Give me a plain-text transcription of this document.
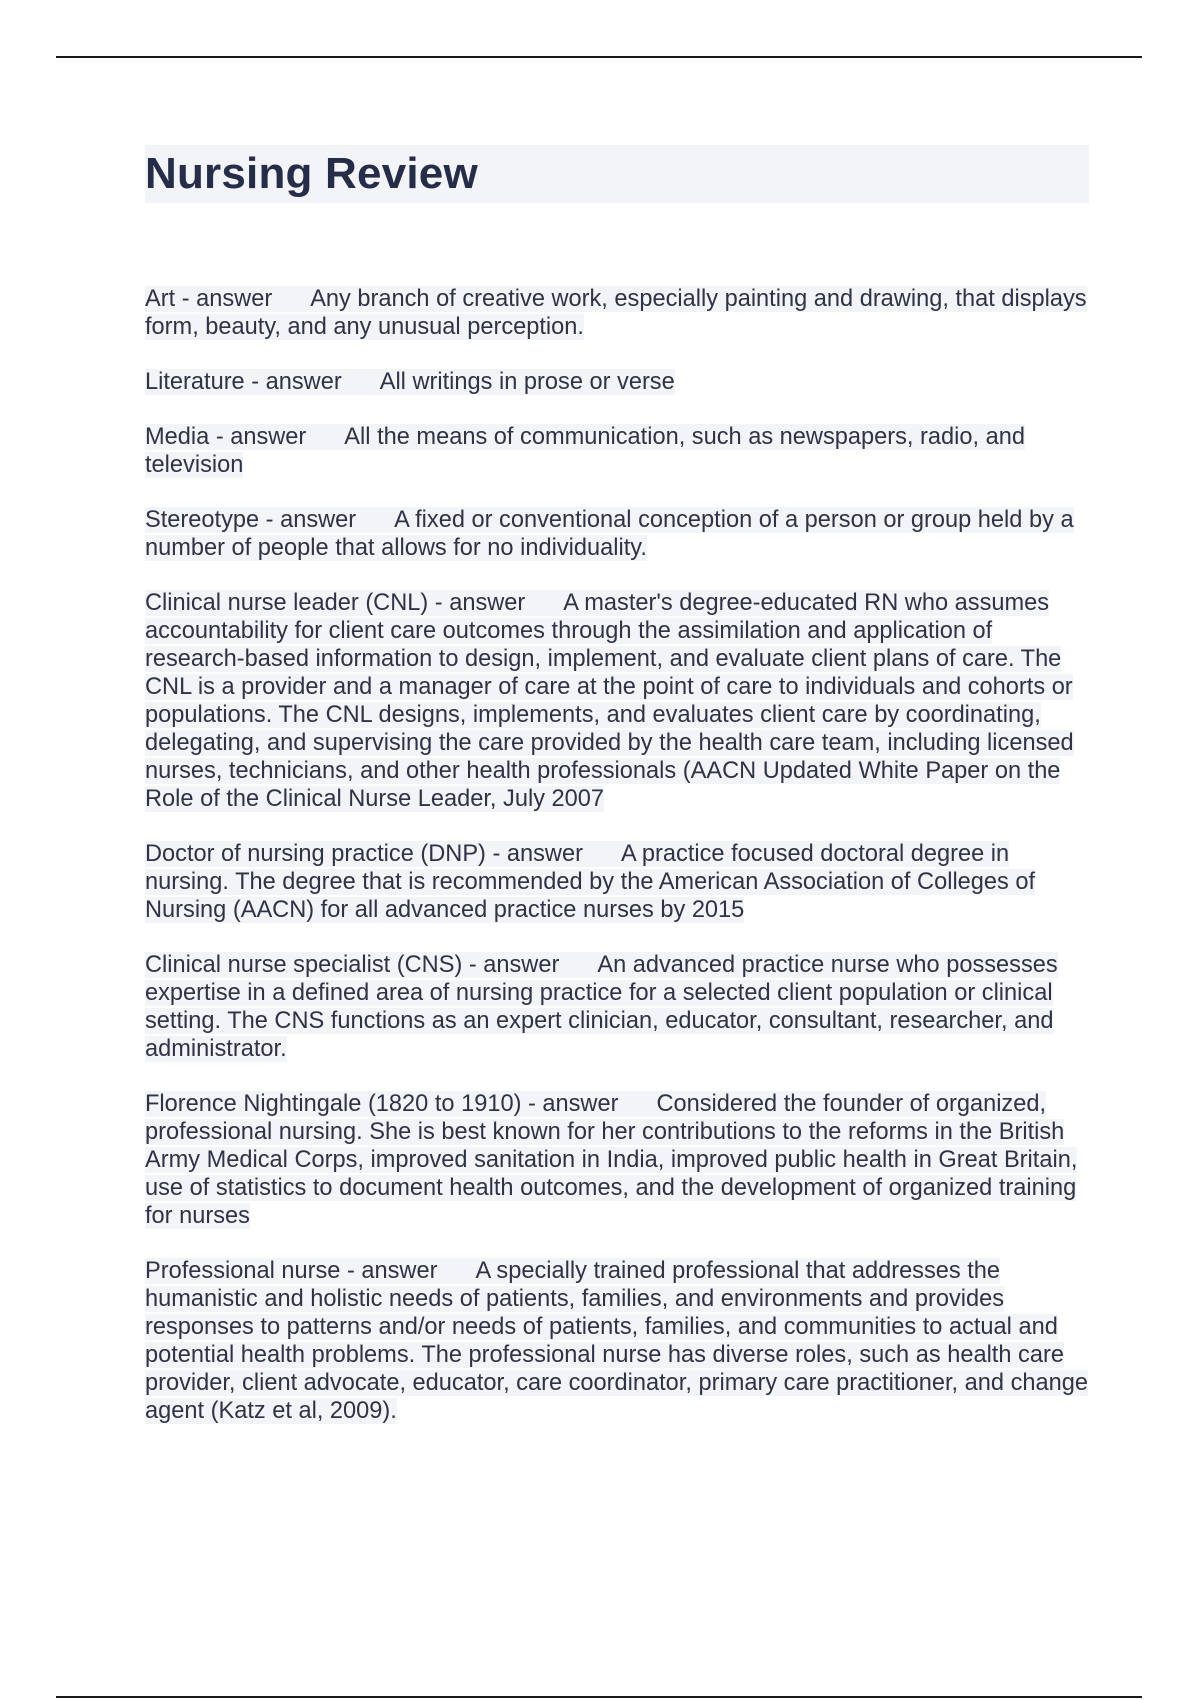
Nursing Review

Art - answer Any branch of creative work, especially painting and drawing, that displays form, beauty, and any unusual perception.

Literature - answer All writings in prose or verse

Media - answer All the means of communication, such as newspapers, radio, and television

Stereotype - answer A fixed or conventional conception of a person or group held by a number of people that allows for no individuality.

Clinical nurse leader (CNL) - answer A master's degree-educated RN who assumes accountability for client care outcomes through the assimilation and application of research-based information to design, implement, and evaluate client plans of care. The CNL is a provider and a manager of care at the point of care to individuals and cohorts or populations. The CNL designs, implements, and evaluates client care by coordinating, delegating, and supervising the care provided by the health care team, including licensed nurses, technicians, and other health professionals (AACN Updated White Paper on the Role of the Clinical Nurse Leader, July 2007

Doctor of nursing practice (DNP) - answer A practice focused doctoral degree in nursing. The degree that is recommended by the American Association of Colleges of Nursing (AACN) for all advanced practice nurses by 2015

Clinical nurse specialist (CNS) - answer An advanced practice nurse who possesses expertise in a defined area of nursing practice for a selected client population or clinical setting. The CNS functions as an expert clinician, educator, consultant, researcher, and administrator.

Florence Nightingale (1820 to 1910) - answer Considered the founder of organized, professional nursing. She is best known for her contributions to the reforms in the British Army Medical Corps, improved sanitation in India, improved public health in Great Britain, use of statistics to document health outcomes, and the development of organized training for nurses

Professional nurse - answer A specially trained professional that addresses the humanistic and holistic needs of patients, families, and environments and provides responses to patterns and/or needs of patients, families, and communities to actual and potential health problems. The professional nurse has diverse roles, such as health care provider, client advocate, educator, care coordinator, primary care practitioner, and change agent (Katz et al, 2009).
